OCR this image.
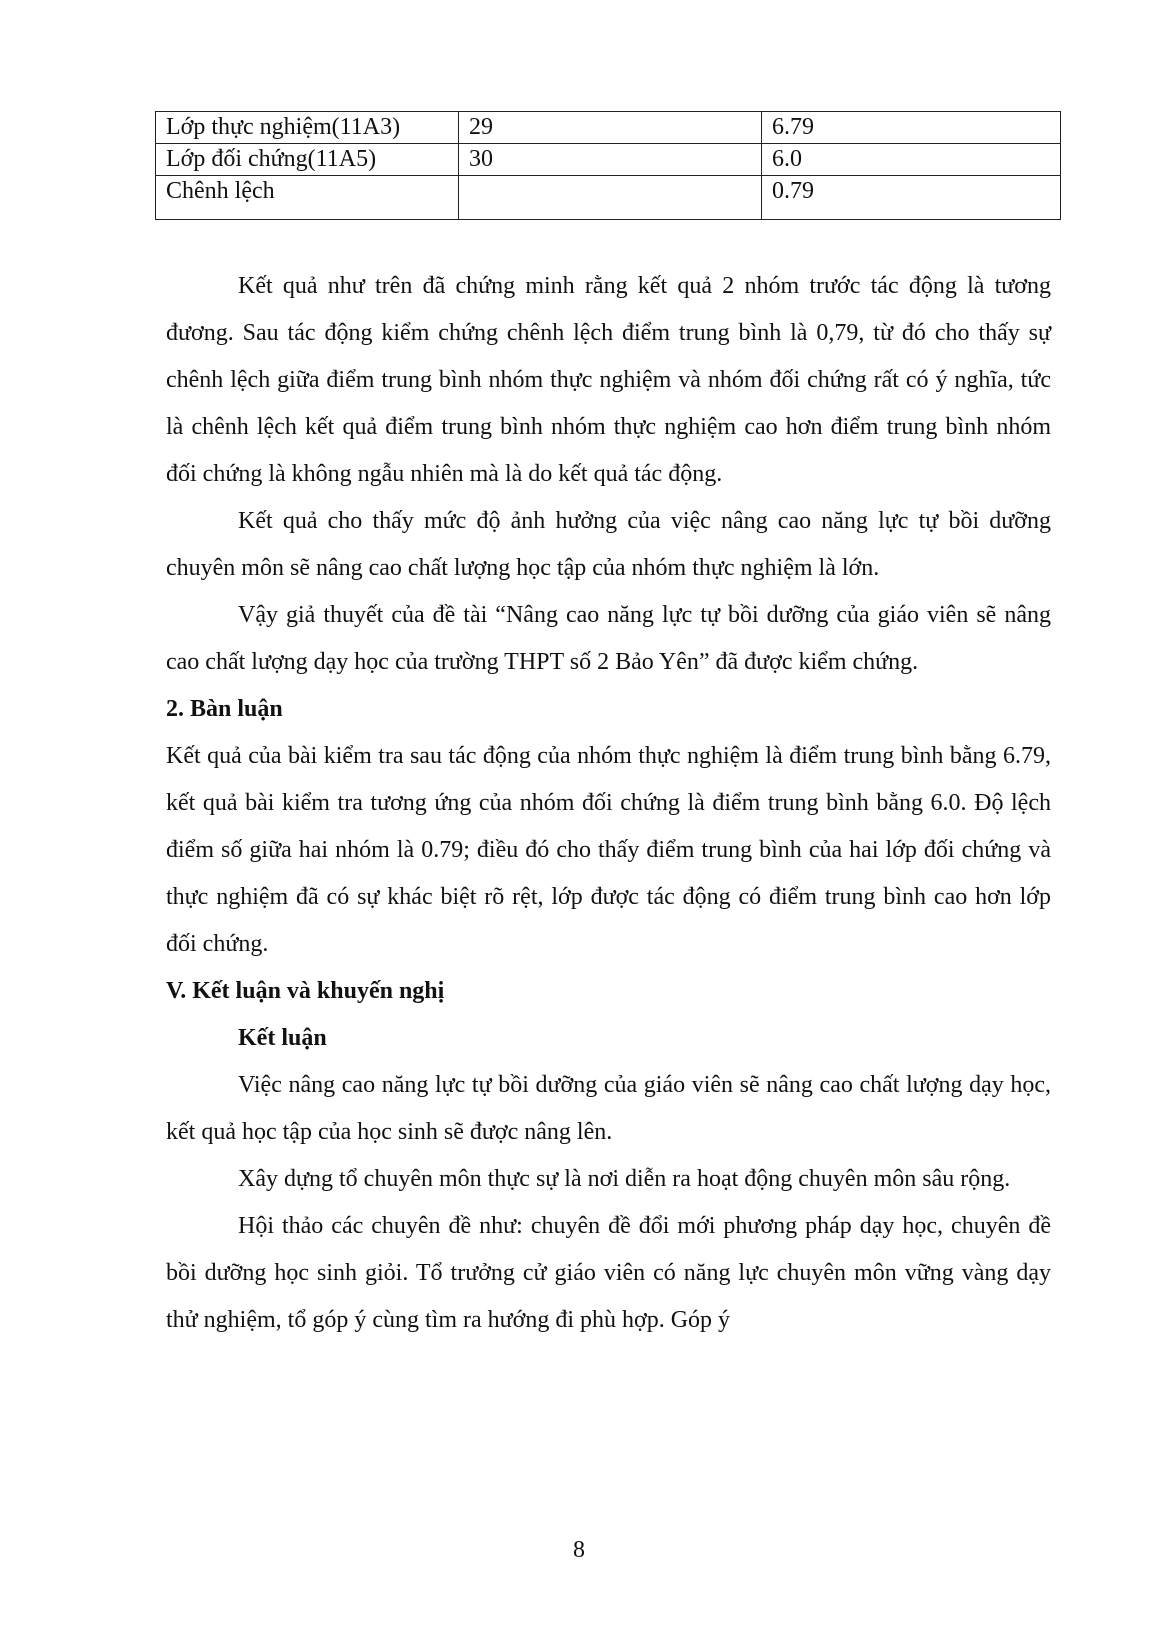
Lớp thực nghiệm(11A3)	29	6.79
Lớp đối chứng(11A5)	30	6.0
Chênh lệch		0.79

Kết quả như trên đã chứng minh rằng kết quả 2 nhóm trước tác động là tương đương. Sau tác động kiểm chứng chênh lệch điểm trung bình là 0,79, từ đó cho thấy sự chênh lệch giữa điểm trung bình nhóm thực nghiệm và nhóm đối chứng rất có ý nghĩa, tức là chênh lệch kết quả điểm trung bình nhóm thực nghiệm cao hơn điểm trung bình nhóm đối chứng là không ngẫu nhiên mà là do kết quả tác động.

Kết quả cho thấy mức độ ảnh hưởng của việc nâng cao năng lực tự bồi dưỡng chuyên môn sẽ nâng cao chất lượng học tập của nhóm thực nghiệm là lớn.

Vậy giả thuyết của đề tài “Nâng cao năng lực tự bồi dưỡng của giáo viên sẽ nâng cao chất lượng dạy học của trường THPT số 2 Bảo Yên” đã được kiểm chứng.

2. Bàn luận

Kết quả của bài kiểm tra sau tác động của nhóm thực nghiệm là điểm trung bình bằng 6.79, kết quả bài kiểm tra tương ứng của nhóm đối chứng là điểm trung bình bằng 6.0. Độ lệch điểm số giữa hai nhóm là 0.79; điều đó cho thấy điểm trung bình của hai lớp đối chứng và thực nghiệm đã có sự khác biệt rõ rệt, lớp được tác động có điểm trung bình cao hơn lớp đối chứng.

V. Kết luận và khuyến nghị

Kết luận

Việc nâng cao năng lực tự bồi dưỡng của giáo viên sẽ nâng cao chất lượng dạy học, kết quả học tập của học sinh sẽ được nâng lên.

Xây dựng tổ chuyên môn thực sự là nơi diễn ra hoạt động chuyên môn sâu rộng.

Hội thảo các chuyên đề như: chuyên đề đổi mới phương pháp dạy học, chuyên đề bồi dưỡng học sinh giỏi. Tổ trưởng cử giáo viên có năng lực chuyên môn vững vàng dạy thử nghiệm, tổ góp ý cùng tìm ra hướng đi phù hợp. Góp ý

8
